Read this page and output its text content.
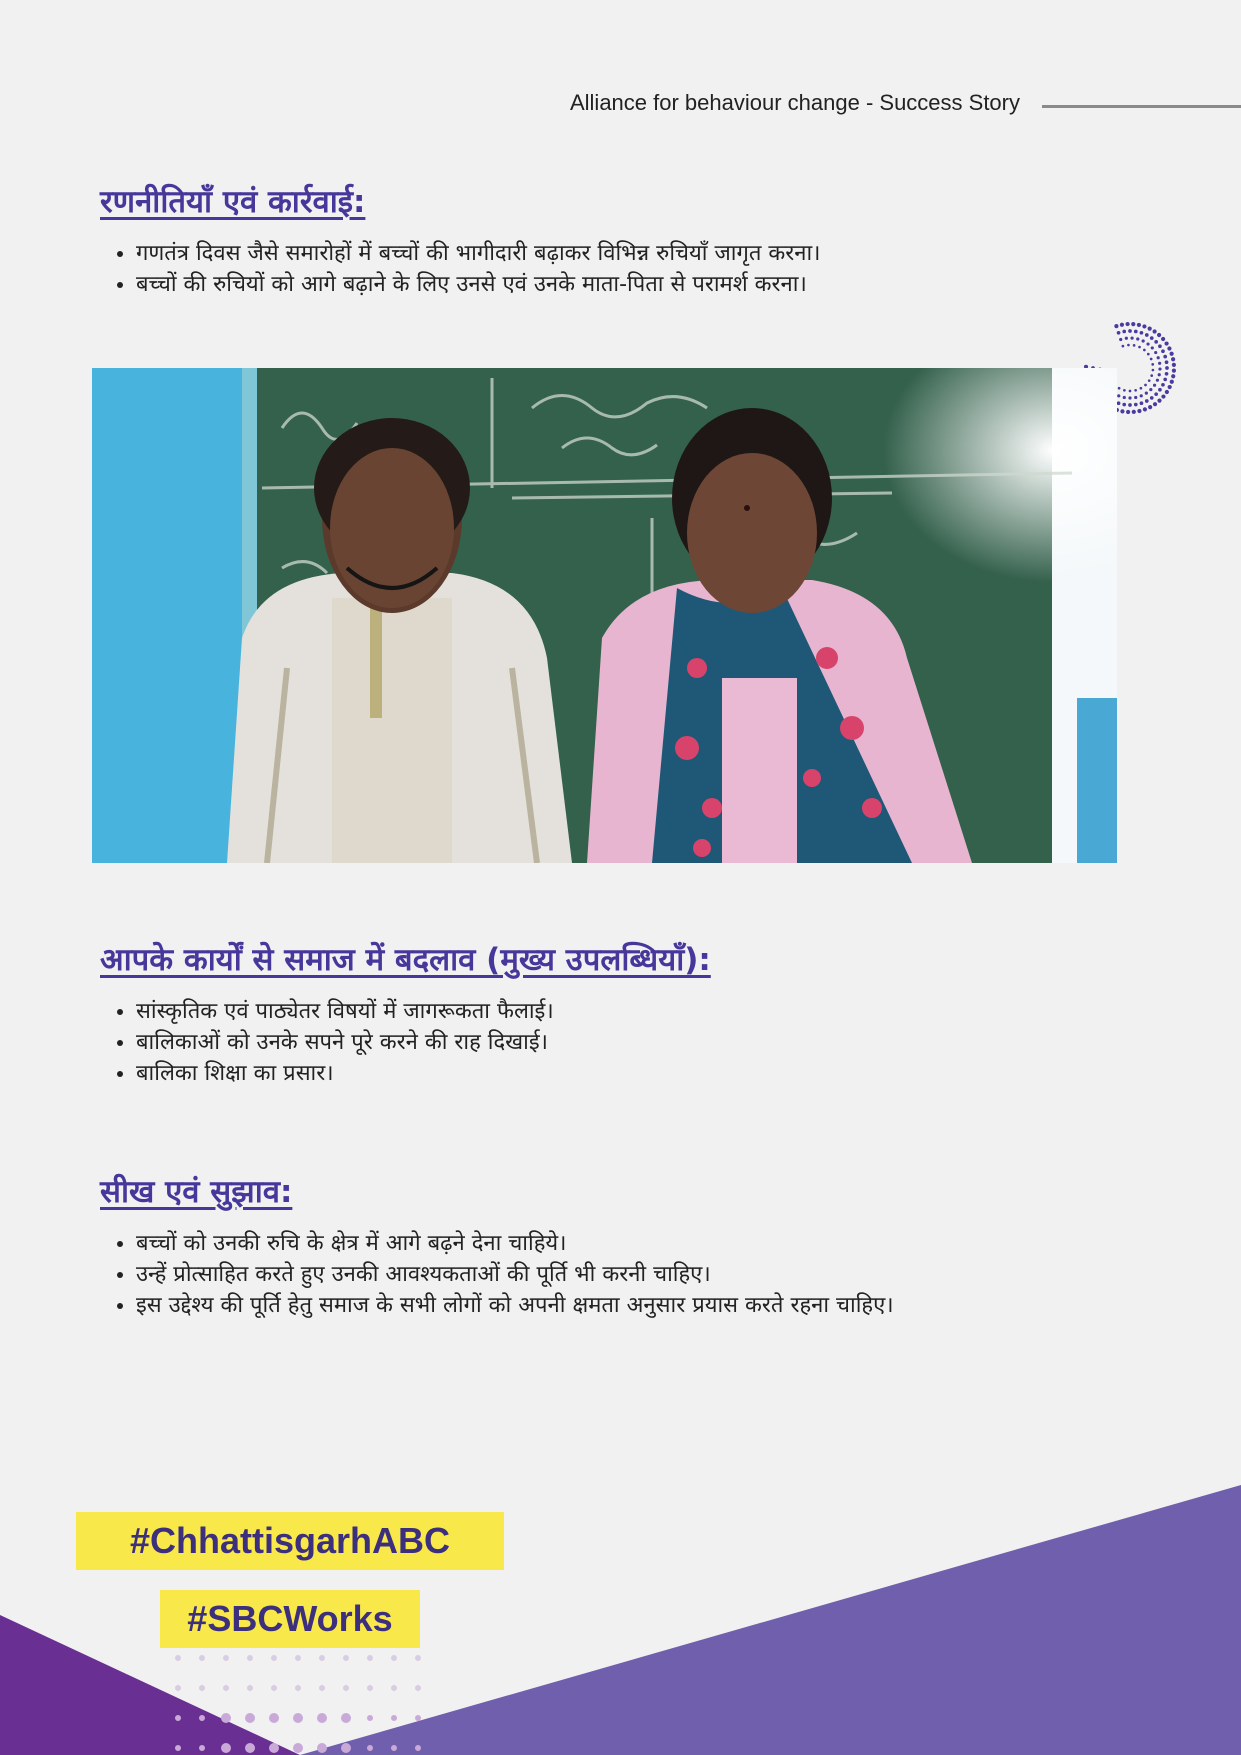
Alliance for behaviour change - Success Story
रणनीतियाँ एवं कार्रवाई:
• गणतंत्र दिवस जैसे समारोहों में बच्चों की भागीदारी बढ़ाकर विभिन्न रुचियाँ जागृत करना।
• बच्चों की रुचियों को आगे बढ़ाने के लिए उनसे एवं उनके माता-पिता से परामर्श करना।
आपके कार्यों से समाज में बदलाव (मुख्य उपलब्धियाँ):
• सांस्कृतिक एवं पाठ्येतर विषयों में जागरूकता फैलाई।
• बालिकाओं को उनके सपने पूरे करने की राह दिखाई।
• बालिका शिक्षा का प्रसार।
सीख एवं सुझाव:
• बच्चों को उनकी रुचि के क्षेत्र में आगे बढ़ने देना चाहिये।
• उन्हें प्रोत्साहित करते हुए उनकी आवश्यकताओं की पूर्ति भी करनी चाहिए।
• इस उद्देश्य की पूर्ति हेतु समाज के सभी लोगों को अपनी क्षमता अनुसार प्रयास करते रहना चाहिए।
#ChhattisgarhABC
#SBCWorks
